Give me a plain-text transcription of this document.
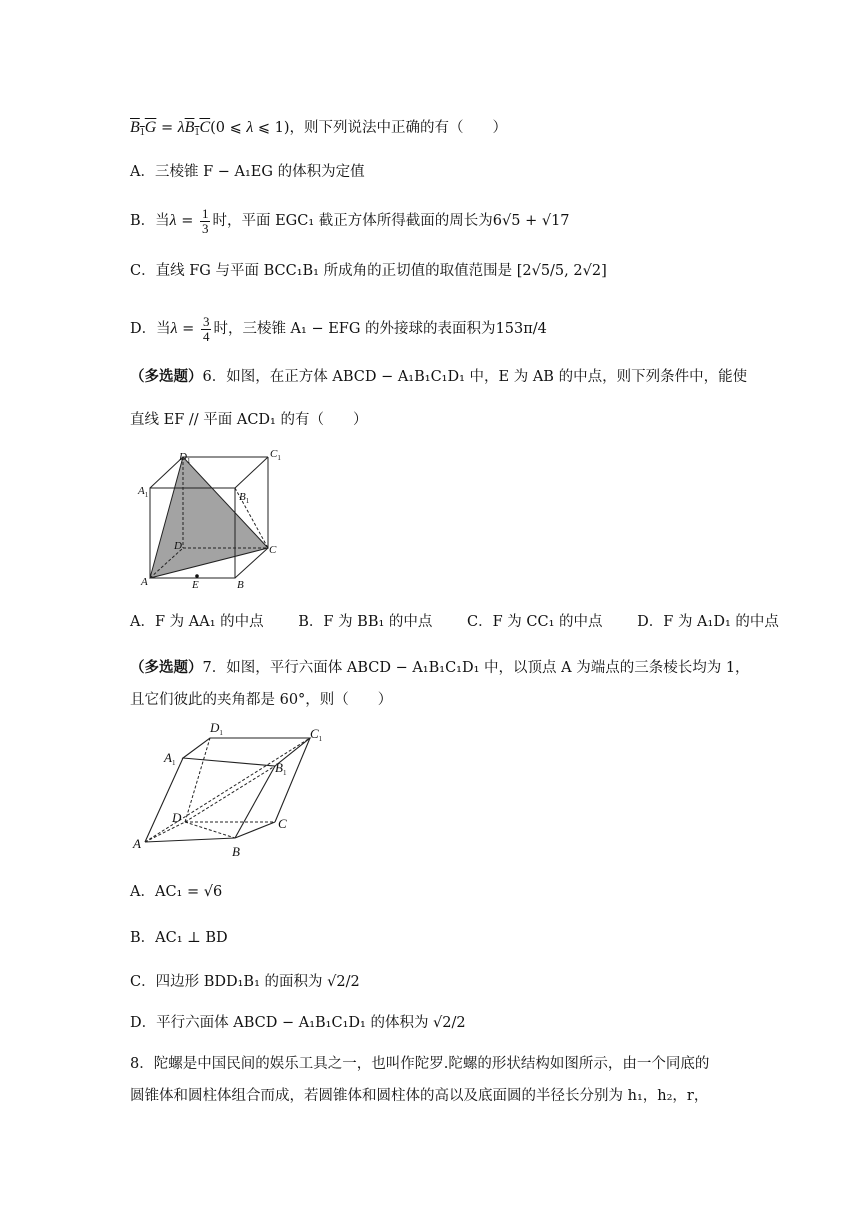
$B_1G = \lambda B_1C(0$ ⩽ λ ⩽ 1)，则下列说法中正确的有（　　）
A．三棱锥 F − A₁EG 的体积为定值
B．当$\lambda = \frac{1}{3}$ 时，平面 EGC₁ 截正方体所得截面的周长为6√5 + √17
C．直线 FG 与平面 BCC₁B₁ 所成角的正切值的取值范围是 [2√5/5, 2√2]
D．当$\lambda = \frac{3}{4}$ 时，三棱锥 A₁ − EFG 的外接球的表面积为153π/4
（多选题）6．如图，在正方体 ABCD − A₁B₁C₁D₁ 中，E 为 AB 的中点，则下列条件中，能使
直线 EF // 平面 ACD₁ 的有（　　）
$D_1$
$C_1$
$A_1$	$B_1$
D	C
A	E	B
A．F 为 AA₁ 的中点 B．F 为 BB₁ 的中点 C．F 为 CC₁ 的中点 D．F 为 A₁D₁ 的中点
（多选题）7．如图，平行六面体 ABCD − A₁B₁C₁D₁ 中，以顶点 A 为端点的三条棱长均为 1，
且它们彼此的夹角都是 60°，则（　　）
$D_1$	$C_1$
$A_1$	$B_1$
D	C
A
B
A．AC₁ = √6
B．AC₁ ⊥ BD
C．四边形 BDD₁B₁ 的面积为 √2/2
D．平行六面体 ABCD − A₁B₁C₁D₁ 的体积为 √2/2
8．陀螺是中国民间的娱乐工具之一，也叫作陀罗.陀螺的形状结构如图所示，由一个同底的
圆锥体和圆柱体组合而成，若圆锥体和圆柱体的高以及底面圆的半径长分别为 h₁，h₂，r，
